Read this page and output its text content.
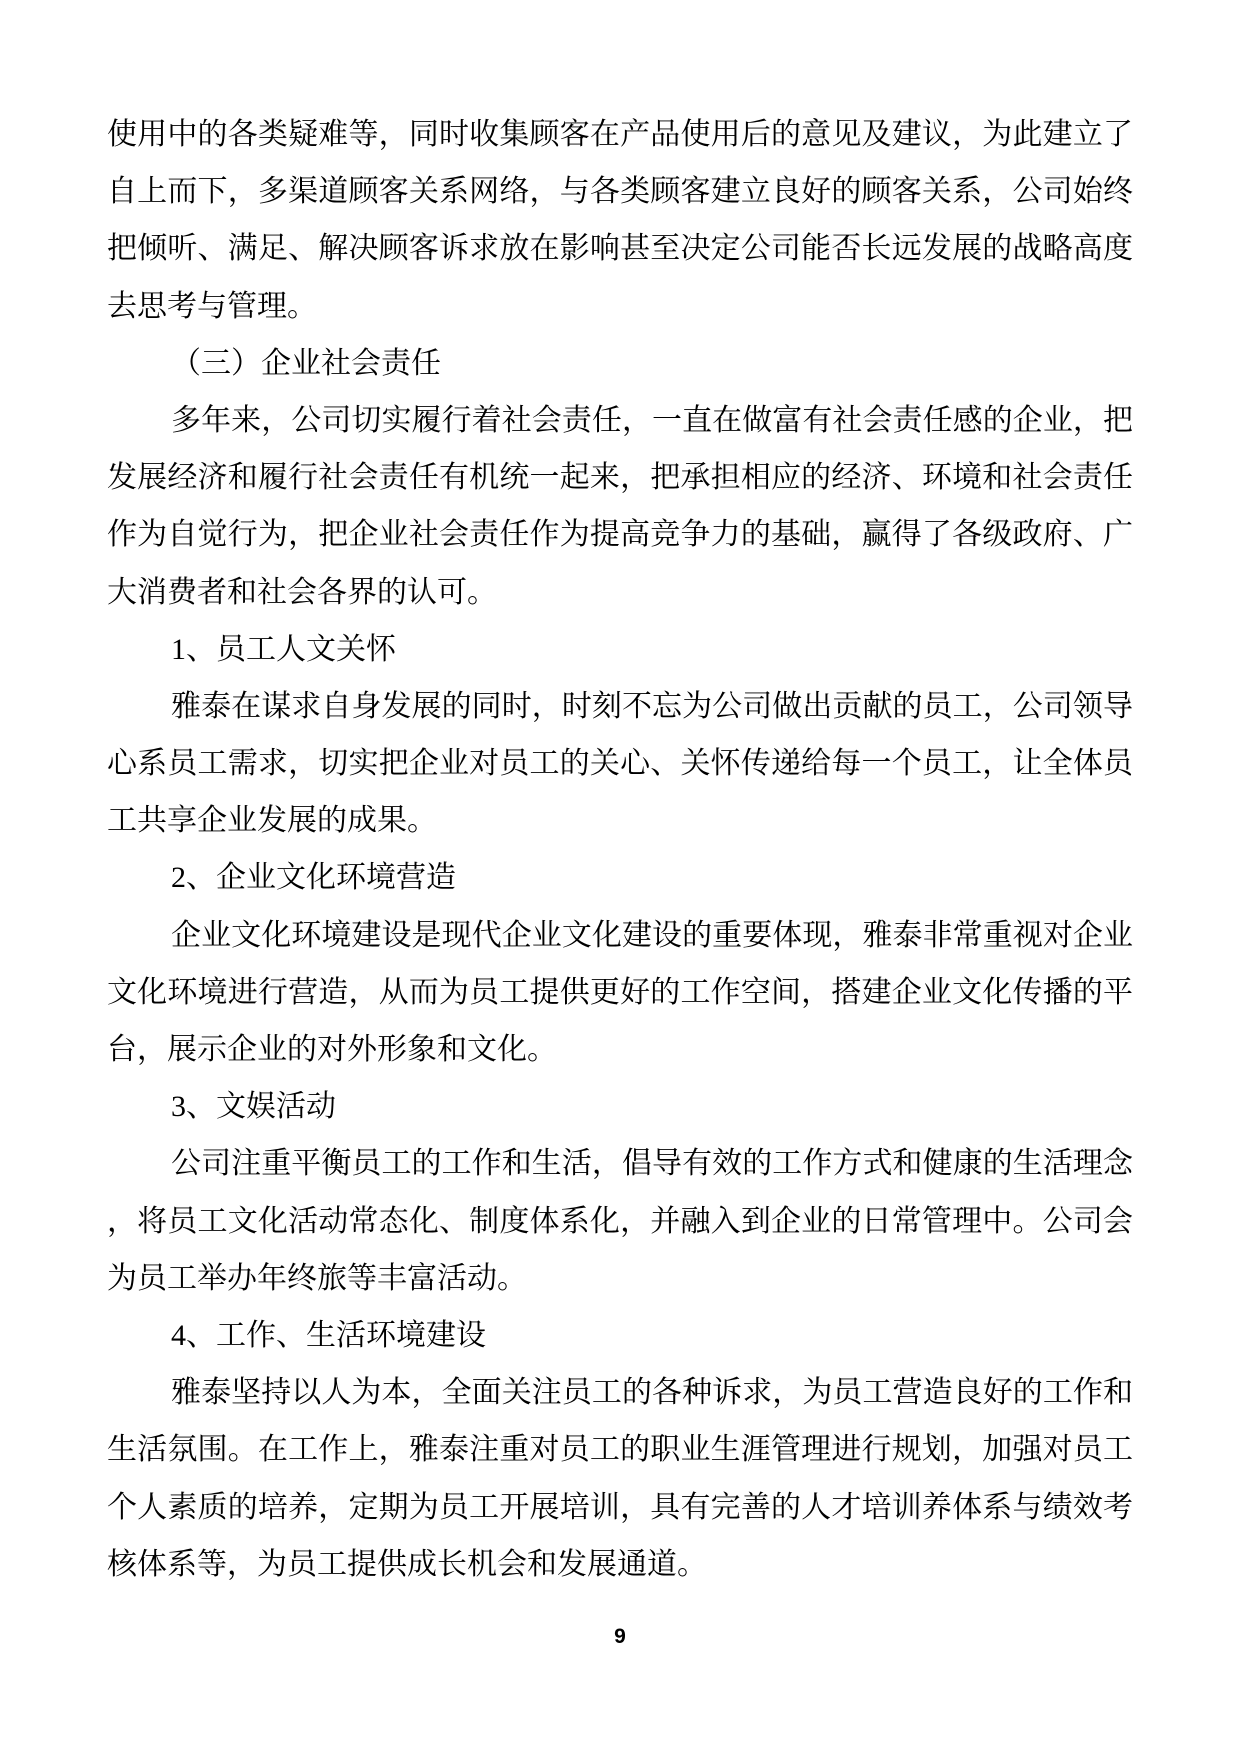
使用中的各类疑难等，同时收集顾客在产品使用后的意见及建议，为此建立了
自上而下，多渠道顾客关系网络，与各类顾客建立良好的顾客关系，公司始终
把倾听、满足、解决顾客诉求放在影响甚至决定公司能否长远发展的战略高度
去思考与管理。
（三）企业社会责任
多年来，公司切实履行着社会责任，一直在做富有社会责任感的企业，把
发展经济和履行社会责任有机统一起来，把承担相应的经济、环境和社会责任
作为自觉行为，把企业社会责任作为提高竞争力的基础，赢得了各级政府、广
大消费者和社会各界的认可。
1、员工人文关怀
雅泰在谋求自身发展的同时，时刻不忘为公司做出贡献的员工，公司领导
心系员工需求，切实把企业对员工的关心、关怀传递给每一个员工，让全体员
工共享企业发展的成果。
2、企业文化环境营造
企业文化环境建设是现代企业文化建设的重要体现，雅泰非常重视对企业
文化环境进行营造，从而为员工提供更好的工作空间，搭建企业文化传播的平
台，展示企业的对外形象和文化。
3、文娱活动
公司注重平衡员工的工作和生活，倡导有效的工作方式和健康的生活理念
，将员工文化活动常态化、制度体系化，并融入到企业的日常管理中。公司会
为员工举办年终旅等丰富活动。
4、工作、生活环境建设
雅泰坚持以人为本，全面关注员工的各种诉求，为员工营造良好的工作和
生活氛围。在工作上，雅泰注重对员工的职业生涯管理进行规划，加强对员工
个人素质的培养，定期为员工开展培训，具有完善的人才培训养体系与绩效考
核体系等，为员工提供成长机会和发展通道。
9
